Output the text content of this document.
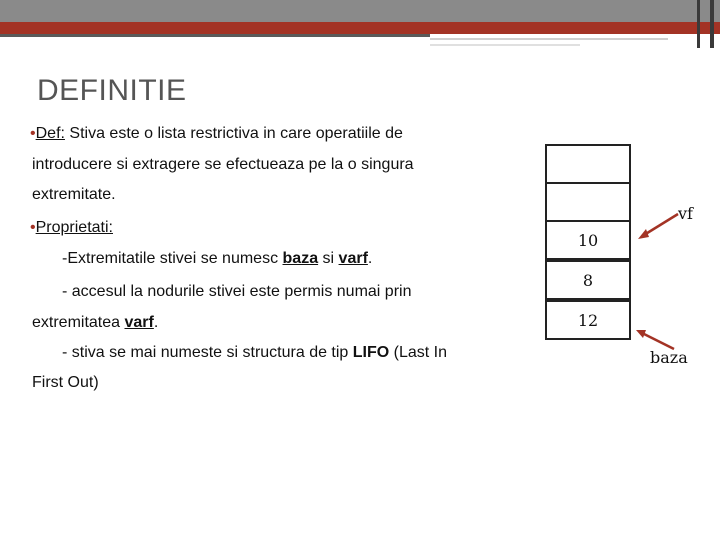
DEFINITIE
•Def: Stiva este o lista restrictiva in care operatiile de
introducere si extragere se efectueaza pe la o singura
extremitate.
•Proprietati:
-Extremitatile stivei se numesc baza si varf.
- accesul la nodurile stivei este permis numai prin
extremitatea varf.
- stiva se mai numeste si structura de tip LIFO (Last In
First Out)
10
8
12
vf
baza
